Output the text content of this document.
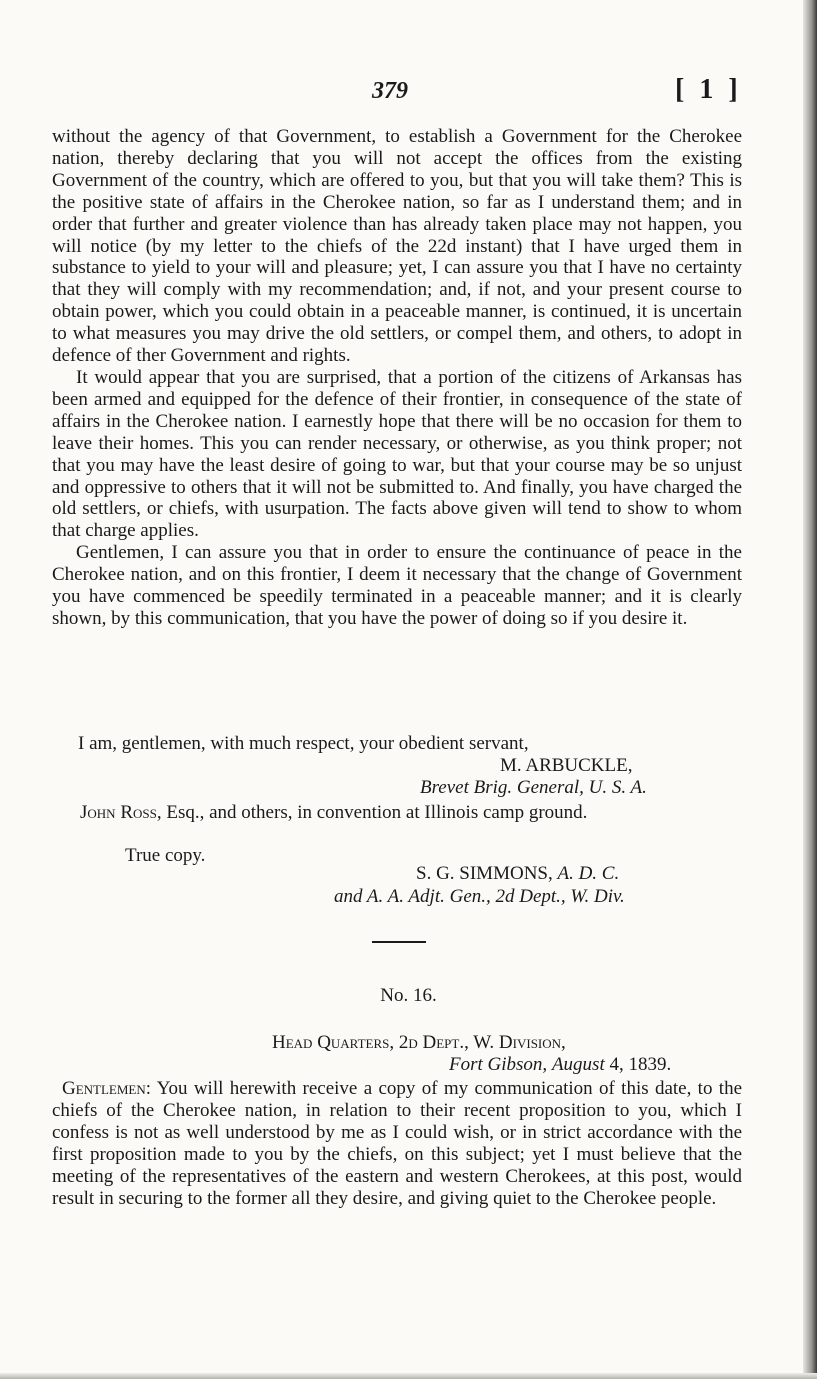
379	[ 1 ]

without the agency of that Government, to establish a Government for the Cherokee nation, thereby declaring that you will not accept the offices from the existing Government of the country, which are offered to you, but that you will take them? This is the positive state of affairs in the Cherokee nation, so far as I understand them; and in order that further and greater violence than has already taken place may not happen, you will notice (by my letter to the chiefs of the 22d instant) that I have urged them in substance to yield to your will and pleasure; yet, I can assure you that I have no certainty that they will comply with my recommendation; and, if not, and your present course to obtain power, which you could obtain in a peaceable manner, is continued, it is uncertain to what measures you may drive the old settlers, or compel them, and others, to adopt in defence of ther Government and rights.

It would appear that you are surprised, that a portion of the citizens of Arkansas has been armed and equipped for the defence of their frontier, in consequence of the state of affairs in the Cherokee nation. I earnestly hope that there will be no occasion for them to leave their homes. This you can render necessary, or otherwise, as you think proper; not that you may have the least desire of going to war, but that your course may be so unjust and oppressive to others that it will not be submitted to. And finally, you have charged the old settlers, or chiefs, with usurpation. The facts above given will tend to show to whom that charge applies.

Gentlemen, I can assure you that in order to ensure the continuance of peace in the Cherokee nation, and on this frontier, I deem it necessary that the change of Government you have commenced be speedily terminated in a peaceable manner; and it is clearly shown, by this communication, that you have the power of doing so if you desire it.

I am, gentlemen, with much respect, your obedient servant,
M. ARBUCKLE,
Brevet Brig. General, U. S. A.
John Ross, Esq., and others, in convention at Illinois camp ground.
True copy.
S. G. SIMMONS, A. D. C.
and A. A. Adjt. Gen., 2d Dept., W. Div.
No. 16.
Head Quarters, 2d Dept., W. Division,
Fort Gibson, August 4, 1839.

Gentlemen: You will herewith receive a copy of my communication of this date, to the chiefs of the Cherokee nation, in relation to their recent proposition to you, which I confess is not as well understood by me as I could wish, or in strict accordance with the first proposition made to you by the chiefs, on this subject; yet I must believe that the meeting of the representatives of the eastern and western Cherokees, at this post, would result in securing to the former all they desire, and giving quiet to the Cherokee people.
